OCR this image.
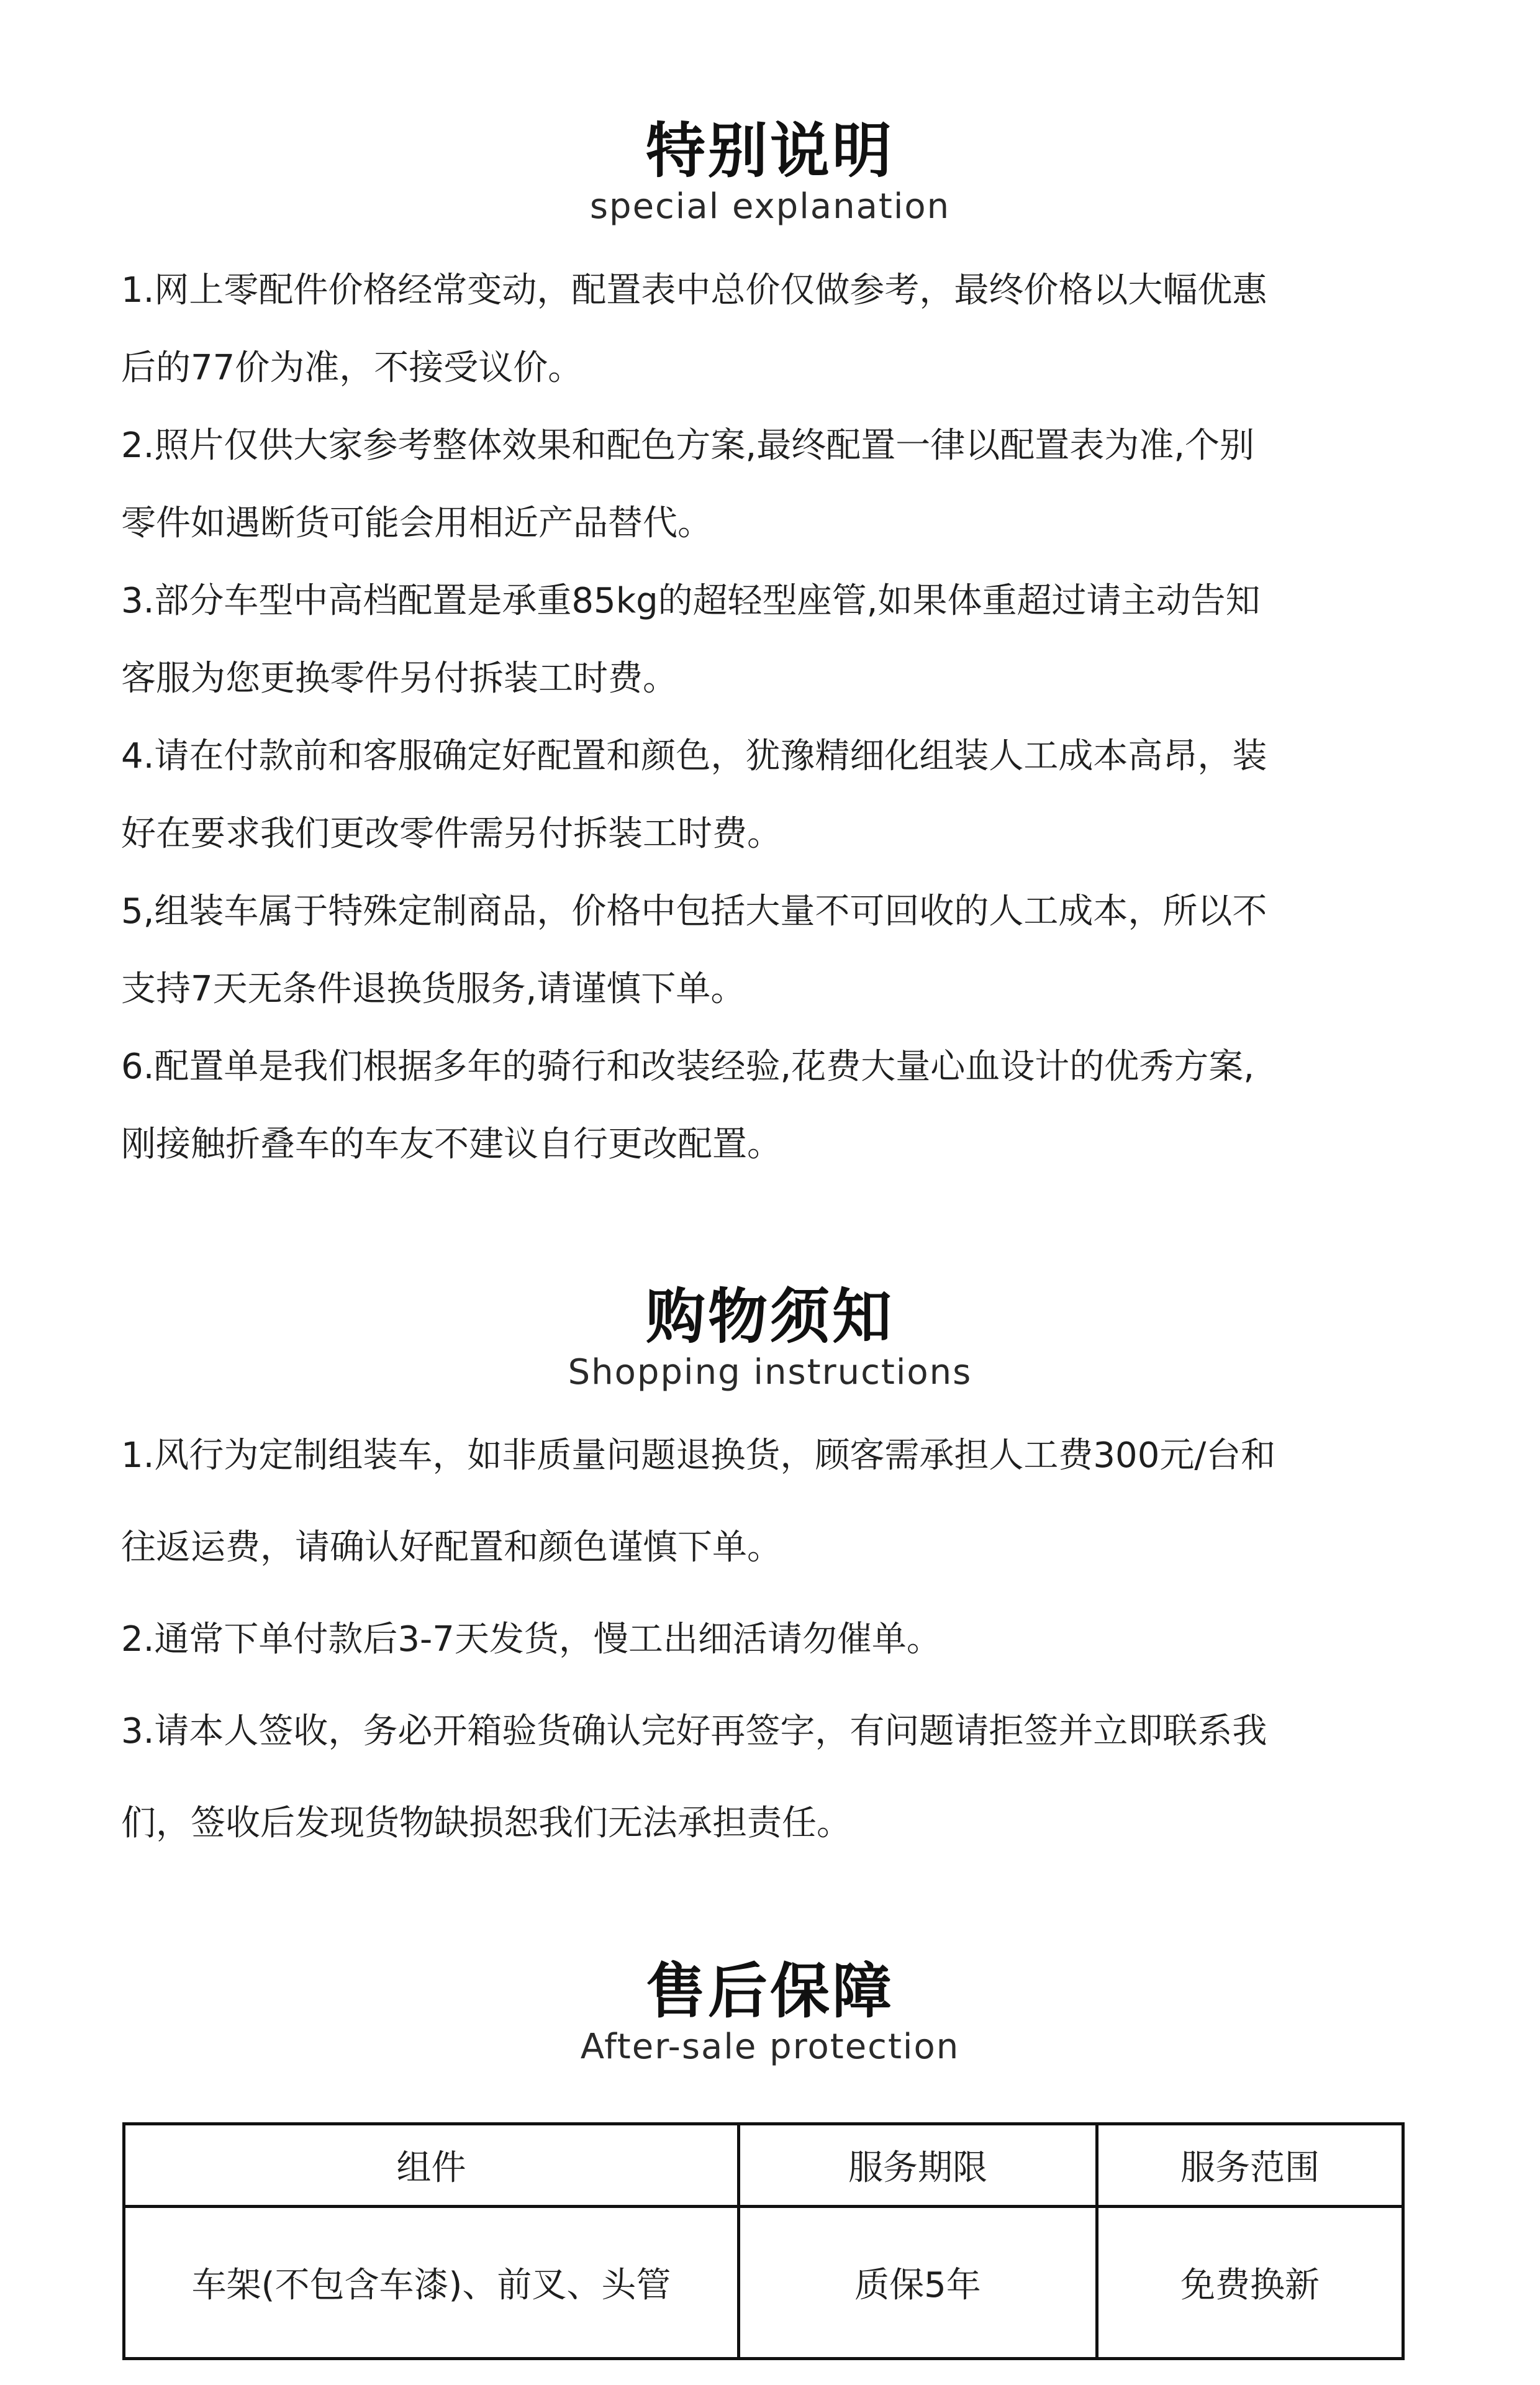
特别说明
special explanation

1.网上零配件价格经常变动，配置表中总价仅做参考，最终价格以大幅优惠
后的77价为准，不接受议价。

2.照片仅供大家参考整体效果和配色方案,最终配置一律以配置表为准,个别
零件如遇断货可能会用相近产品替代。

3.部分车型中高档配置是承重85kg的超轻型座管,如果体重超过请主动告知
客服为您更换零件另付拆装工时费。

4.请在付款前和客服确定好配置和颜色，犹豫精细化组装人工成本高昂，装
好在要求我们更改零件需另付拆装工时费。

5,组装车属于特殊定制商品，价格中包括大量不可回收的人工成本，所以不
支持7天无条件退换货服务,请谨慎下单。

6.配置单是我们根据多年的骑行和改装经验,花费大量心血设计的优秀方案,
刚接触折叠车的车友不建议自行更改配置。

购物须知
Shopping instructions

1.风行为定制组装车，如非质量问题退换货，顾客需承担人工费300元/台和
往返运费，请确认好配置和颜色谨慎下单。

2.通常下单付款后3-7天发货，慢工出细活请勿催单。

3.请本人签收，务必开箱验货确认完好再签字，有问题请拒签并立即联系我
们，签收后发现货物缺损恕我们无法承担责任。

售后保障
After-sale protection
组件	服务期限	服务范围
车架(不包含车漆)、前叉、头管	质保5年	免费换新
